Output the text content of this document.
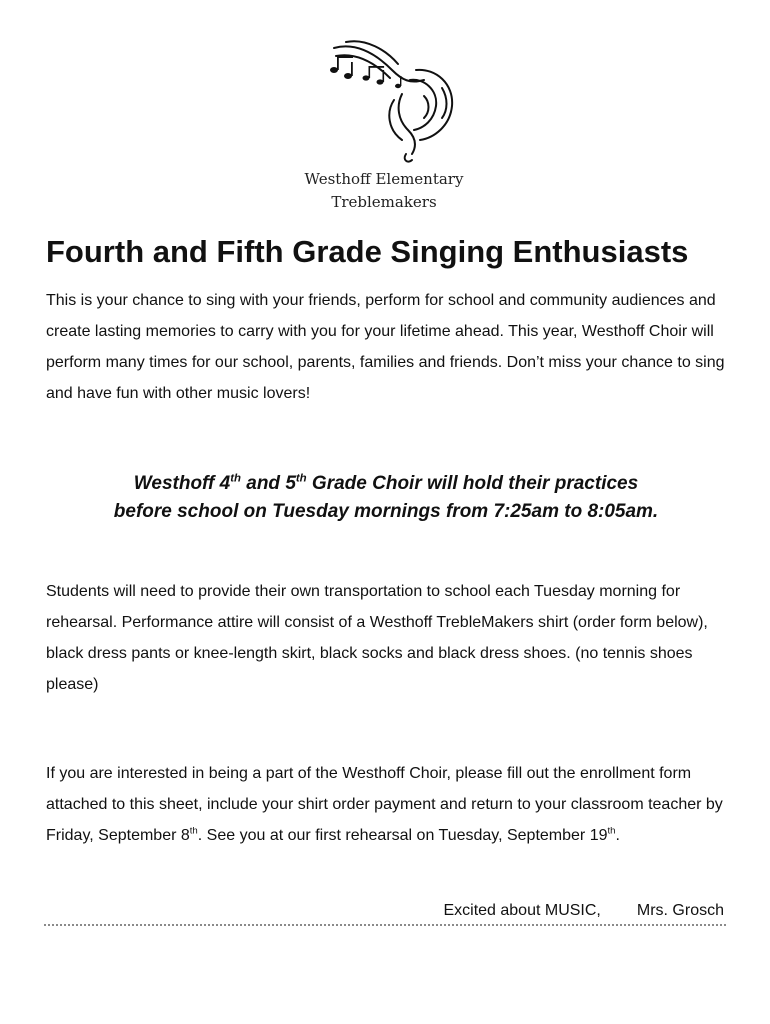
Westhoff Elementary
Treblemakers
Fourth and Fifth Grade Singing Enthusiasts

This is your chance to sing with your friends, perform for school and community audiences and create lasting memories to carry with you for your lifetime ahead. This year, Westhoff Choir will perform many times for our school, parents, families and friends. Don’t miss your chance to sing and have fun with other music lovers!

Westhoff 4th and 5th Grade Choir will hold their practices
before school on Tuesday mornings from 7:25am to 8:05am.

Students will need to provide their own transportation to school each Tuesday morning for rehearsal. Performance attire will consist of a Westhoff TrebleMakers shirt (order form below), black dress pants or knee-length skirt, black socks and black dress shoes. (no tennis shoes please)

If you are interested in being a part of the Westhoff Choir, please fill out the enrollment form attached to this sheet, include your shirt order payment and return to your classroom teacher by Friday, September 8th. See you at our first rehearsal on Tuesday, September 19th.

Excited about MUSIC, Mrs. Grosch
